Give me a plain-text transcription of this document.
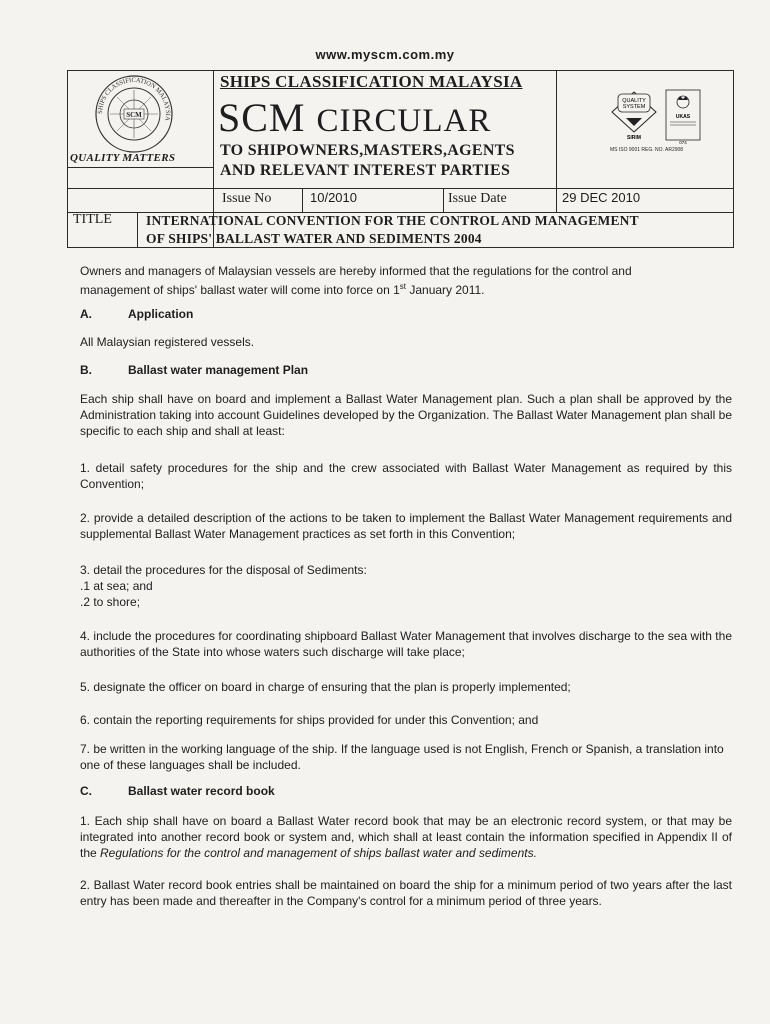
www.myscm.com.my
SHIPS CLASSIFICATION MALAYSIA
SCM
QUALITY MATTERS
SHIPS CLASSIFICATION MALAYSIA
SCM CIRCULAR
TO SHIPOWNERS,MASTERS,AGENTS
AND RELEVANT INTEREST PARTIES
QUALITY
SYSTEM
SIRIM
UKAS
074
MS ISO 9001 REG. NO. AR2908
Issue No	10/2010	Issue Date	29 DEC 2010
TITLE	INTERNATIONAL CONVENTION FOR THE CONTROL AND MANAGEMENT
OF SHIPS' BALLAST WATER AND SEDIMENTS 2004
Owners and managers of Malaysian vessels are hereby informed that the regulations for the control and
management of ships' ballast water will come into force on 1st January 2011.
A.	Application
All Malaysian registered vessels.
B.	Ballast water management Plan
Each ship shall have on board and implement a Ballast Water Management plan. Such a plan shall be approved by the Administration taking into account Guidelines developed by the Organization. The Ballast Water Management plan shall be specific to each ship and shall at least:
1. detail safety procedures for the ship and the crew associated with Ballast Water Management as required by this Convention;
2. provide a detailed description of the actions to be taken to implement the Ballast Water Management requirements and supplemental Ballast Water Management practices as set forth in this Convention;
3. detail the procedures for the disposal of Sediments:
.1 at sea; and
.2 to shore;
4. include the procedures for coordinating shipboard Ballast Water Management that involves discharge to the sea with the authorities of the State into whose waters such discharge will take place;
5. designate the officer on board in charge of ensuring that the plan is properly implemented;
6. contain the reporting requirements for ships provided for under this Convention; and
7. be written in the working language of the ship. If the language used is not English, French or Spanish, a translation into one of these languages shall be included.
C.	Ballast water record book
1. Each ship shall have on board a Ballast Water record book that may be an electronic record system, or that may be integrated into another record book or system and, which shall at least contain the information specified in Appendix II of the Regulations for the control and management of ships ballast water and sediments.
2. Ballast Water record book entries shall be maintained on board the ship for a minimum period of two years after the last entry has been made and thereafter in the Company's control for a minimum period of three years.
